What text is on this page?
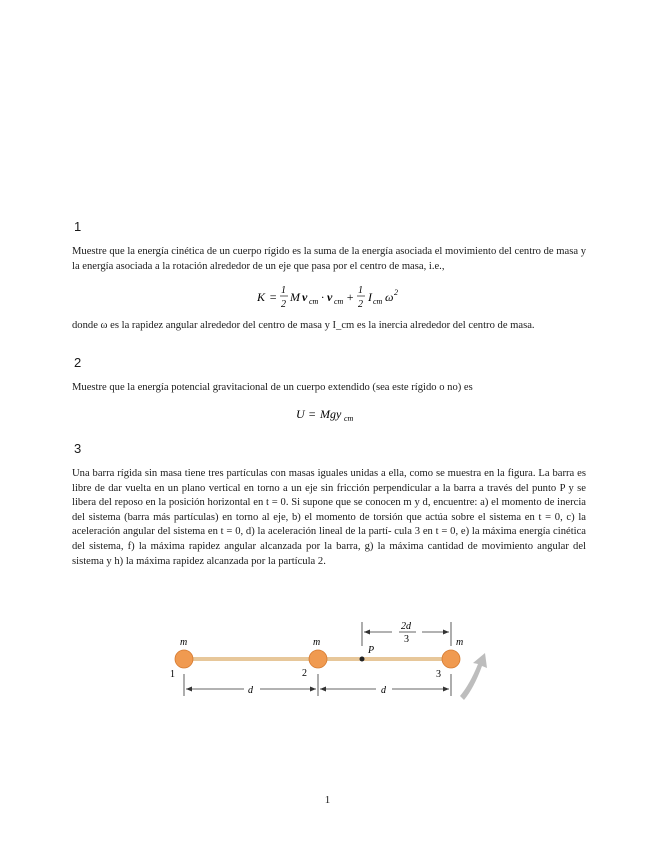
1
Muestre que la energía cinética de un cuerpo rígido es la suma de la energía asociada el movimiento del centro de masa y la energía asociada a la rotación alrededor de un eje que pasa por el centro de masa, i.e.,
K = 1
2
M v cm · v cm + 1
2
I cm ω 2
donde ω es la rapidez angular alrededor del centro de masa y I_cm es la inercia alrededor del centro de masa.
2
Muestre que la energía potencial gravitacional de un cuerpo extendido (sea este rígido o no) es
U = Mgy cm
3
Una barra rígida sin masa tiene tres partículas con masas iguales unidas a ella, como se muestra en la figura. La barra es libre de dar vuelta en un plano vertical en torno a un eje sin fricción perpendicular a la barra a través del punto P y se libera del reposo en la posición horizontal en t = 0. Si supone que se conocen m y d, encuentre: a) el momento de inercia del sistema (barra más partículas) en torno al eje, b) el momento de torsión que actúa sobre el sistema en t = 0, c) la aceleración angular del sistema en t = 0, d) la aceleración lineal de la partí- cula 3 en t = 0, e) la máxima energía cinética del sistema, f) la máxima rapidez angular alcanzada por la barra, g) la máxima cantidad de movimiento angular del sistema y h) la máxima rapidez alcanzada por la partícula 2.
2d
3
m	m	m
P
1	2	3
d	d
1
